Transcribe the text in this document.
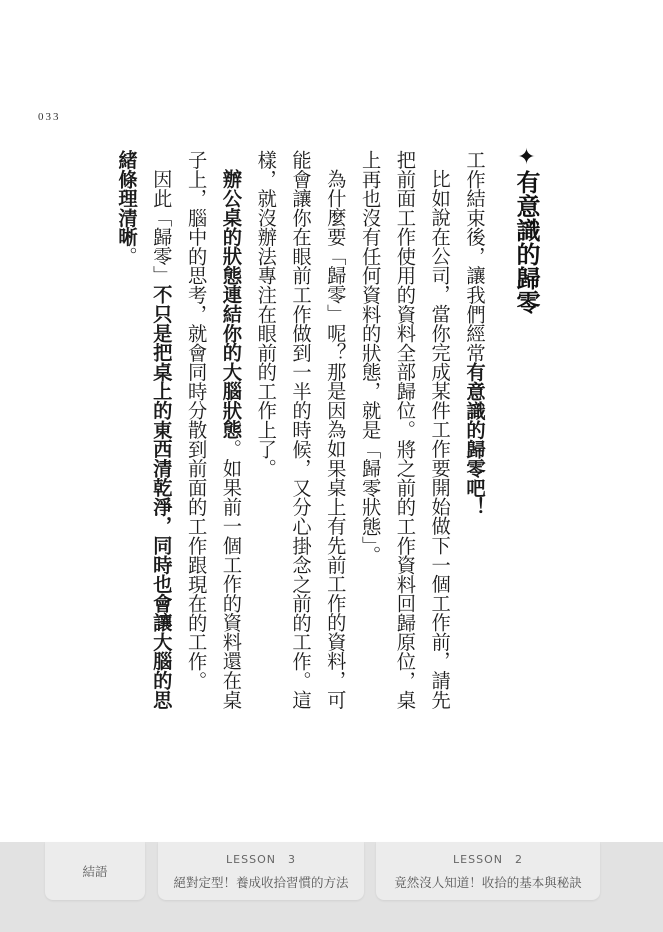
033
✦有意識的歸零

工作結束後，讓我們經常有意識的歸零吧！

比如說在公司，當你完成某件工作要開始做下一個工作前，請先把前面工作使用的資料全部歸位。將之前的工作資料回歸原位，桌上再也沒有任何資料的狀態，就是「歸零狀態」。

為什麼要「歸零」呢？那是因為如果桌上有先前工作的資料，可能會讓你在眼前工作做到一半的時候，又分心掛念之前的工作。這樣，就沒辦法專注在眼前的工作上了。

辦公桌的狀態連結你的大腦狀態。如果前一個工作的資料還在桌子上，腦中的思考，就會同時分散到前面的工作跟現在的工作。

因此「歸零」不只是把桌上的東西清乾淨，同時也會讓大腦的思緒條理清晰。

結語
LESSON　3
絕對定型！養成收拾習慣的方法
LESSON　2
竟然沒人知道！收拾的基本與秘訣
